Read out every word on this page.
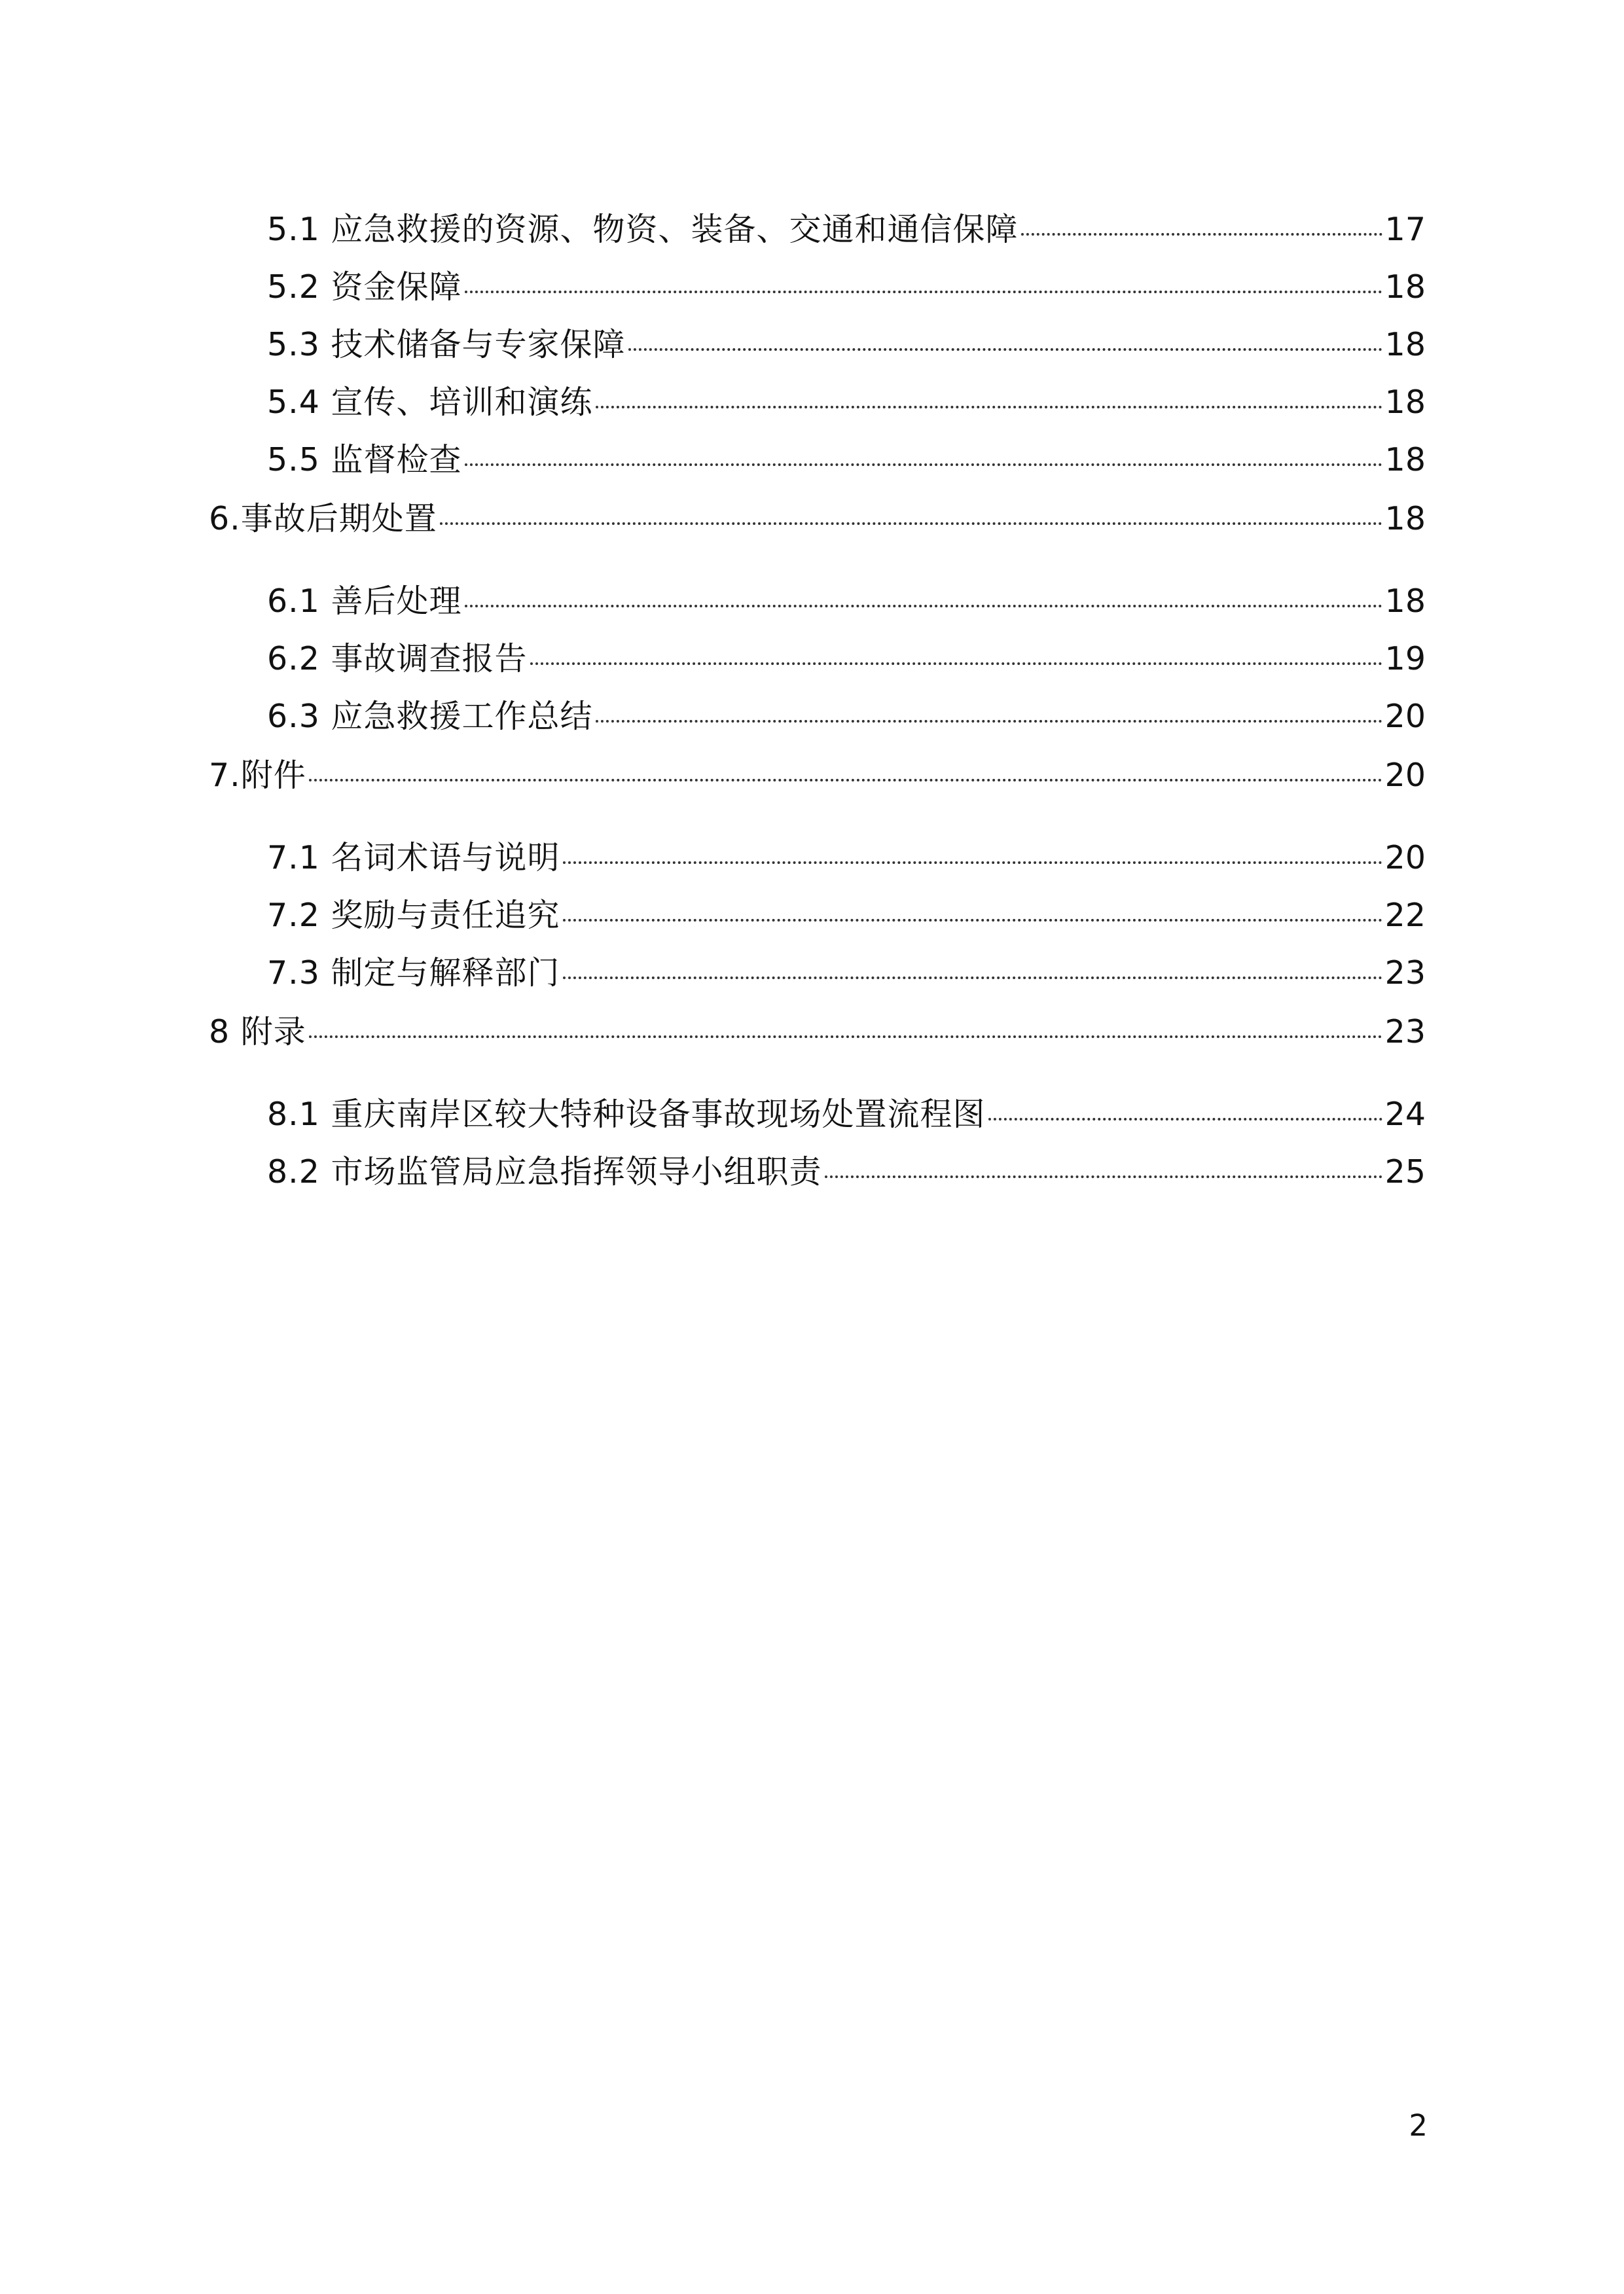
5.1 应急救援的资源、物资、装备、交通和通信保障	17
5.2 资金保障	18
5.3 技术储备与专家保障	18
5.4 宣传、培训和演练	18
5.5 监督检查	18
6.事故后期处置	18
6.1 善后处理	18
6.2 事故调查报告	19
6.3 应急救援工作总结	20
7.附件	20
7.1 名词术语与说明	20
7.2 奖励与责任追究	22
7.3 制定与解释部门	23
8 附录	23
8.1 重庆南岸区较大特种设备事故现场处置流程图	24
8.2 市场监管局应急指挥领导小组职责	25
2
